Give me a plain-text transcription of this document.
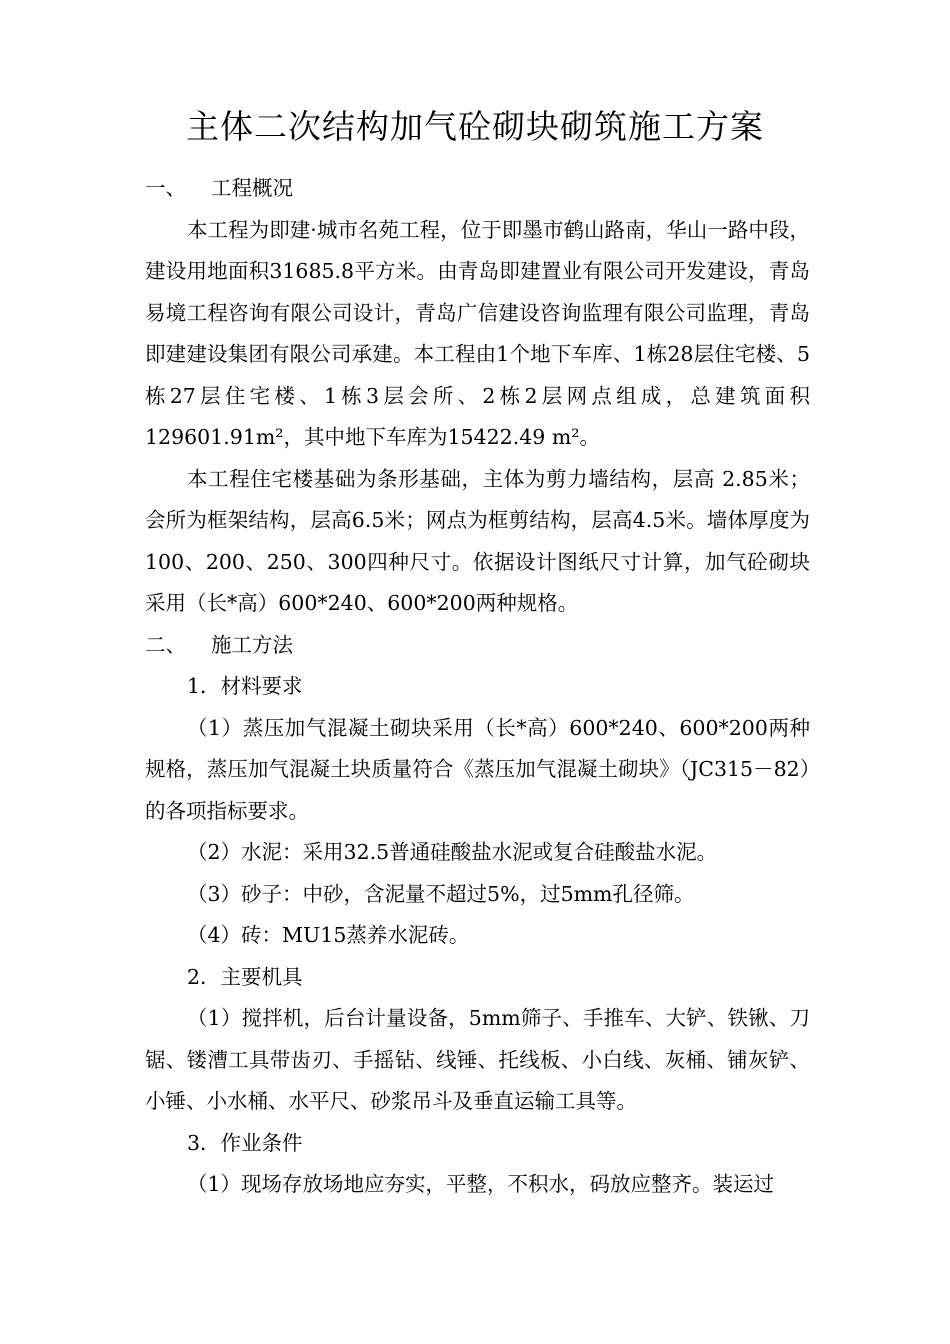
主体二次结构加气砼砌块砌筑施工方案
一、	工程概况

本工程为即建·城市名苑工程，位于即墨市鹤山路南，华山一路中段，建设用地面积31685.8平方米。由青岛即建置业有限公司开发建设，青岛易境工程咨询有限公司设计，青岛广信建设咨询监理有限公司监理，青岛即建建设集团有限公司承建。本工程由1个地下车库、1栋28层住宅楼、5栋27层住宅楼、1栋3层会所、2栋2层网点组成，总建筑面积129601.91m²，其中地下车库为15422.49 m²。

本工程住宅楼基础为条形基础，主体为剪力墙结构，层高 2.85米；会所为框架结构，层高6.5米；网点为框剪结构，层高4.5米。墙体厚度为100、200、250、300四种尺寸。依据设计图纸尺寸计算，加气砼砌块采用（长*高）600*240、600*200两种规格。

二、	施工方法

1．材料要求

（1）蒸压加气混凝土砌块采用（长*高）600*240、600*200两种规格，蒸压加气混凝土块质量符合《蒸压加气混凝土砌块》（JC315－82）的各项指标要求。

（2）水泥：采用32.5普通硅酸盐水泥或复合硅酸盐水泥。

（3）砂子：中砂，含泥量不超过5%，过5mm孔径筛。

（4）砖：MU15蒸养水泥砖。

2．主要机具

（1）搅拌机，后台计量设备，5mm筛子、手推车、大铲、铁锹、刀锯、镂漕工具带齿刃、手摇钻、线锤、托线板、小白线、灰桶、铺灰铲、小锤、小水桶、水平尺、砂浆吊斗及垂直运输工具等。

3．作业条件

（1）现场存放场地应夯实，平整，不积水，码放应整齐。装运过
